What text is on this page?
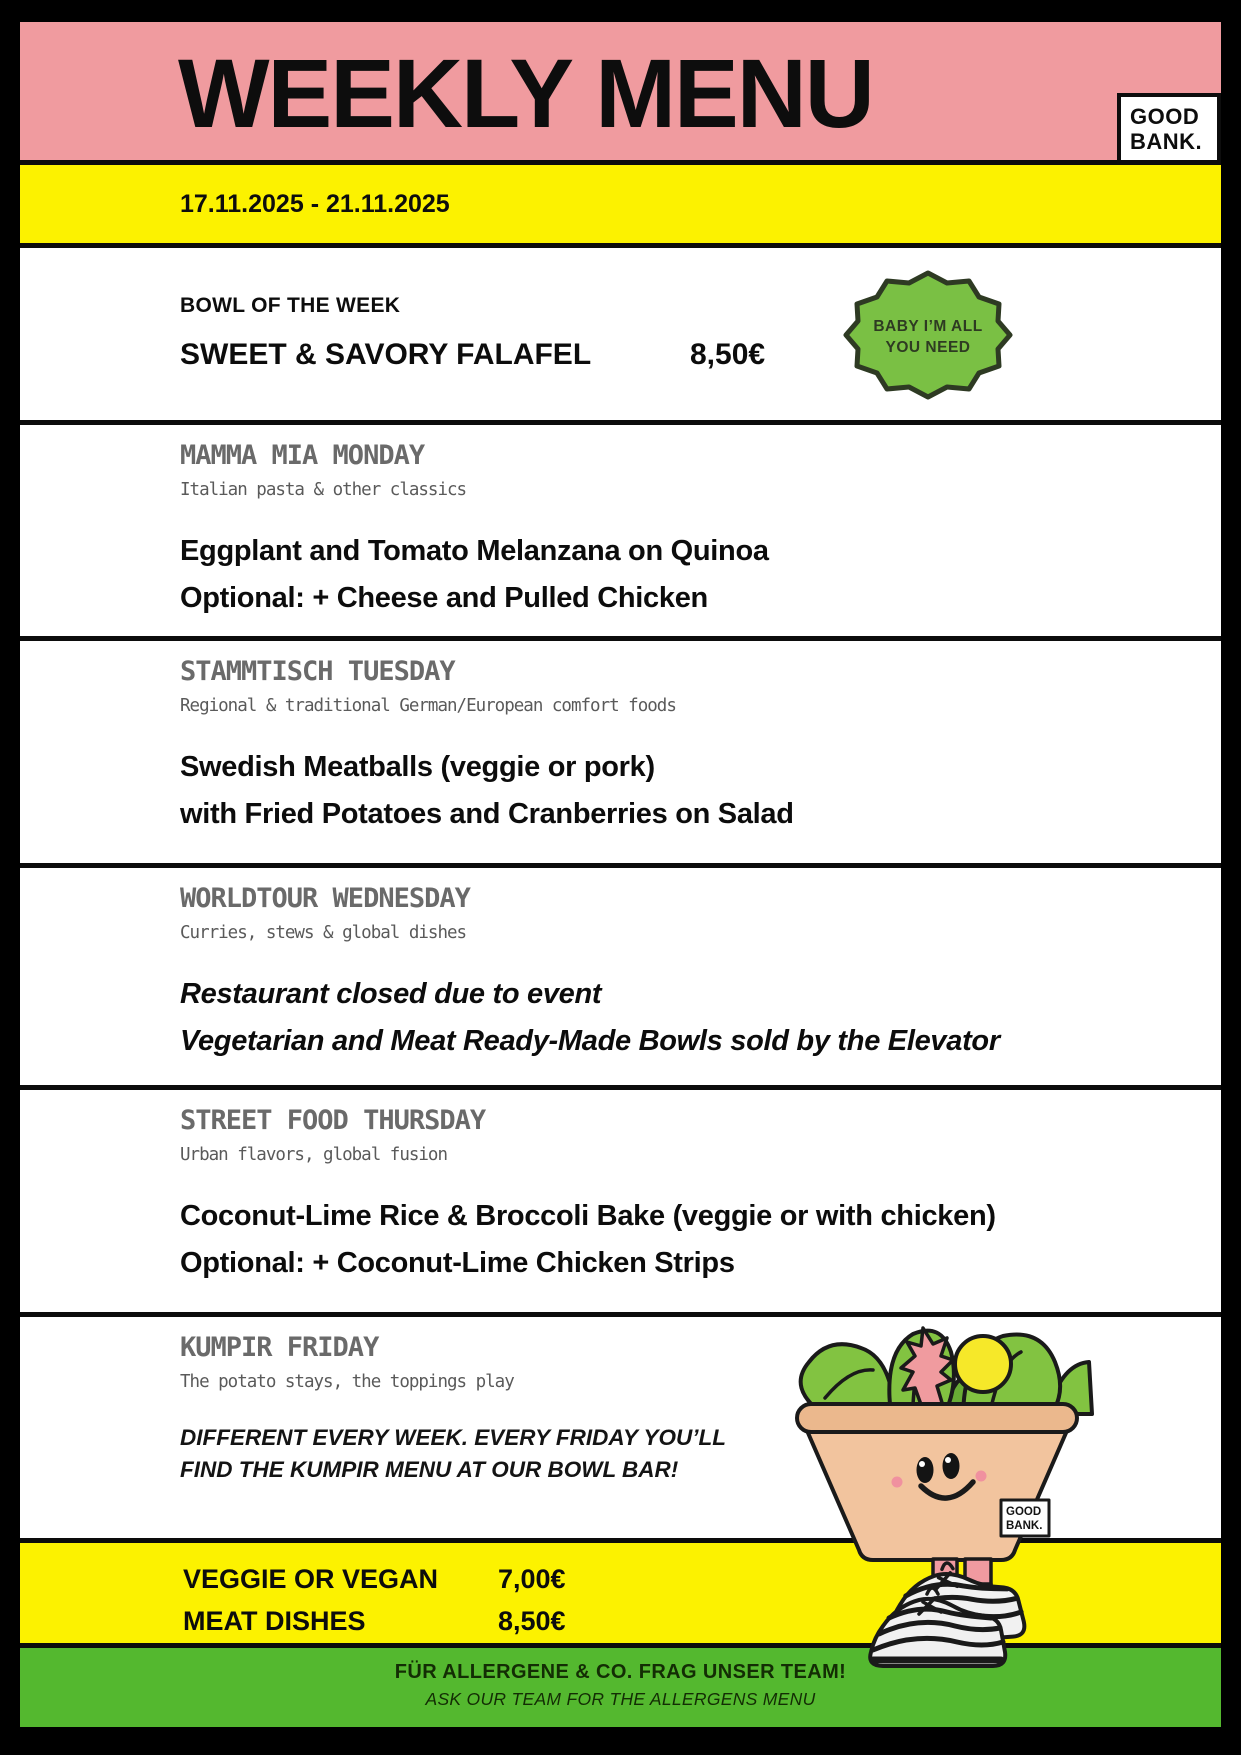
WEEKLY MENU	GOOD
BANK.
17.11.2025 - 21.11.2025
BOWL OF THE WEEK
SWEET & SAVORY FALAFEL	8,50€
MAMMA MIA MONDAY
Italian pasta & other classics
Eggplant and Tomato Melanzana on Quinoa
Optional: + Cheese and Pulled Chicken
STAMMTISCH TUESDAY
Regional & traditional German/European comfort foods
Swedish Meatballs (veggie or pork)
with Fried Potatoes and Cranberries on Salad
WORLDTOUR WEDNESDAY
Curries, stews & global dishes
Restaurant closed due to event
Vegetarian and Meat Ready-Made Bowls sold by the Elevator
STREET FOOD THURSDAY
Urban flavors, global fusion
Coconut-Lime Rice & Broccoli Bake (veggie or with chicken)
Optional: + Coconut-Lime Chicken Strips
KUMPIR FRIDAY
The potato stays, the toppings play
DIFFERENT EVERY WEEK. EVERY FRIDAY YOU’LL
FIND THE KUMPIR MENU AT OUR BOWL BAR!
VEGGIE OR VEGAN	7,00€
MEAT DISHES	8,50€
FÜR ALLERGENE & CO. FRAG UNSER TEAM!
ASK OUR TEAM FOR THE ALLERGENS MENU
BABY I’M ALL
YOU NEED
GOOD
BANK.
